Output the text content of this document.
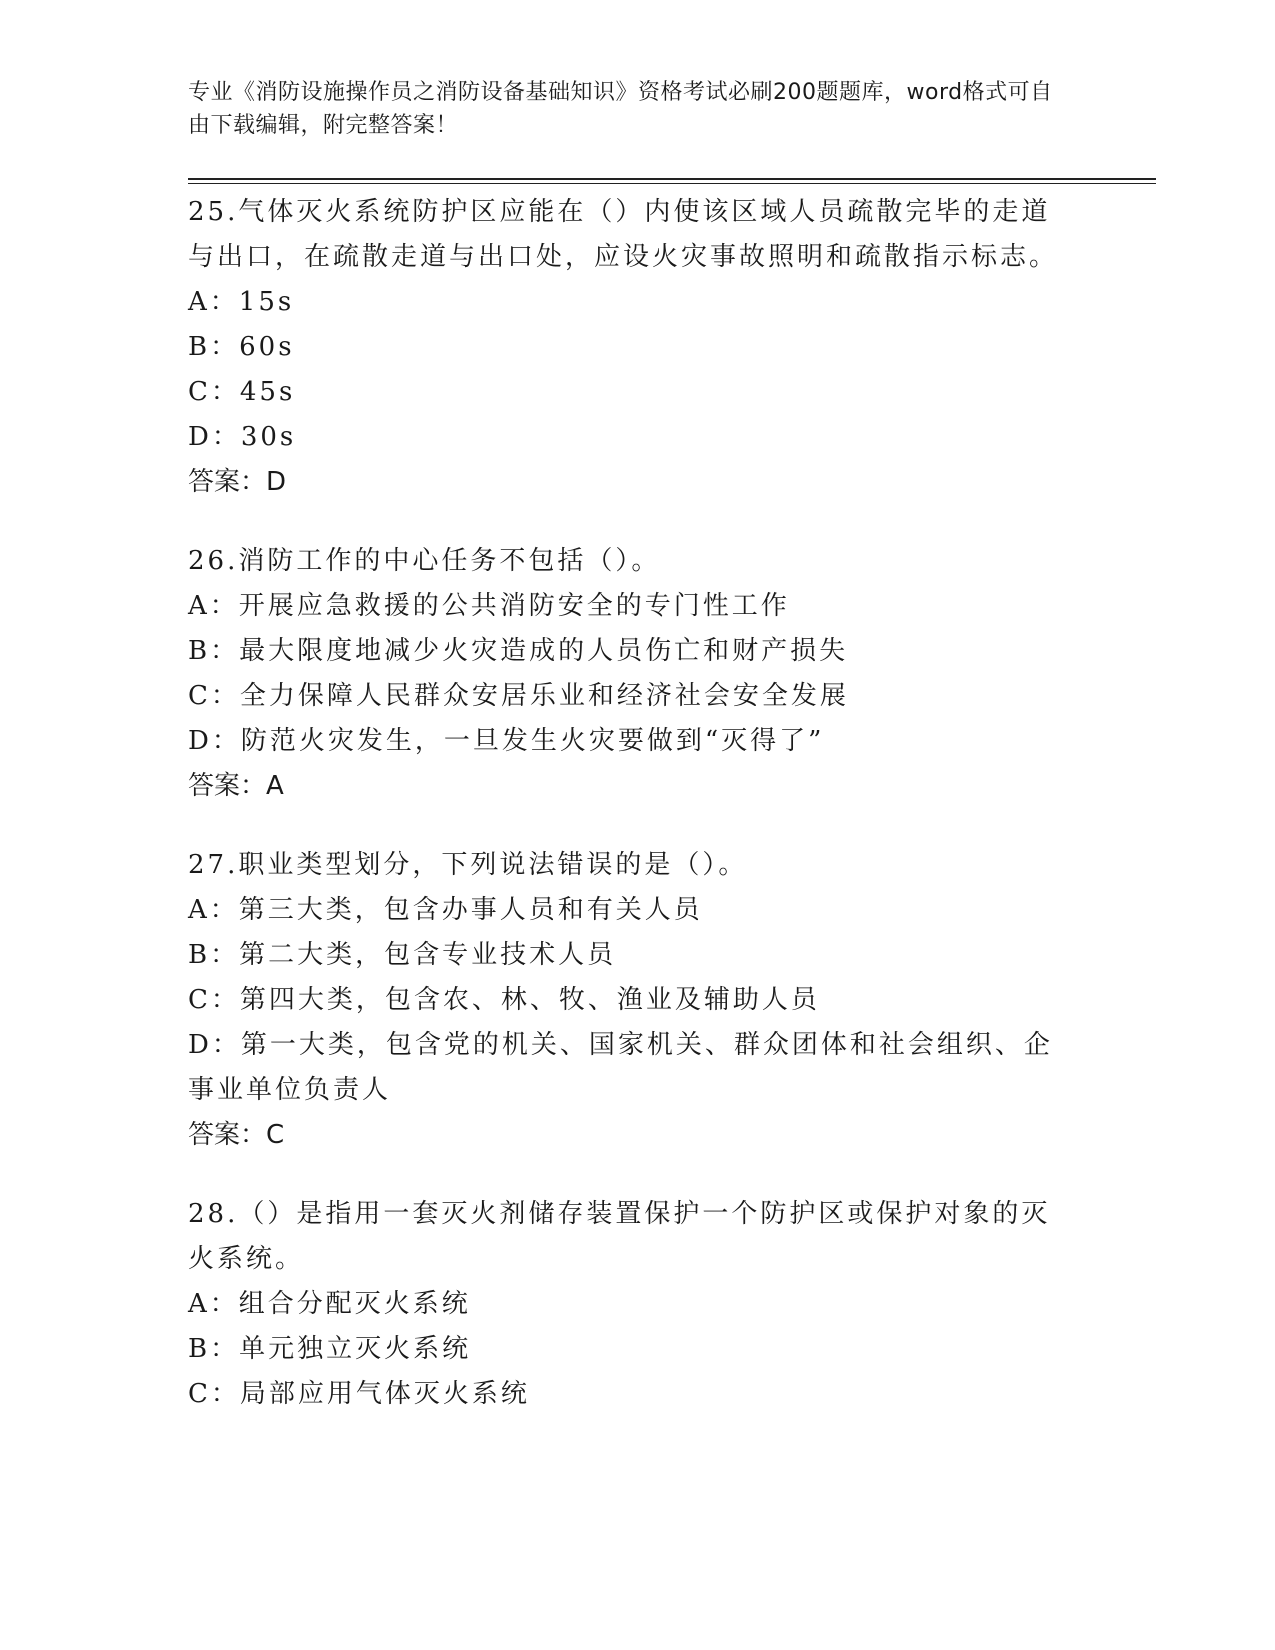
专业《消防设施操作员之消防设备基础知识》资格考试必刷200题题库，word格式可自由下载编辑，附完整答案！

25.气体灭火系统防护区应能在（）内使该区域人员疏散完毕的走道与出口，在疏散走道与出口处，应设火灾事故照明和疏散指示标志。

A：15s

B：60s

C：45s

D：30s

答案：D

26.消防工作的中心任务不包括（）。

A：开展应急救援的公共消防安全的专门性工作

B：最大限度地减少火灾造成的人员伤亡和财产损失

C：全力保障人民群众安居乐业和经济社会安全发展

D：防范火灾发生，一旦发生火灾要做到“灭得了”

答案：A

27.职业类型划分，下列说法错误的是（）。

A：第三大类，包含办事人员和有关人员

B：第二大类，包含专业技术人员

C：第四大类，包含农、林、牧、渔业及辅助人员

D：第一大类，包含党的机关、国家机关、群众团体和社会组织、企事业单位负责人

答案：C

28.（）是指用一套灭火剂储存装置保护一个防护区或保护对象的灭火系统。

A：组合分配灭火系统

B：单元独立灭火系统

C：局部应用气体灭火系统
